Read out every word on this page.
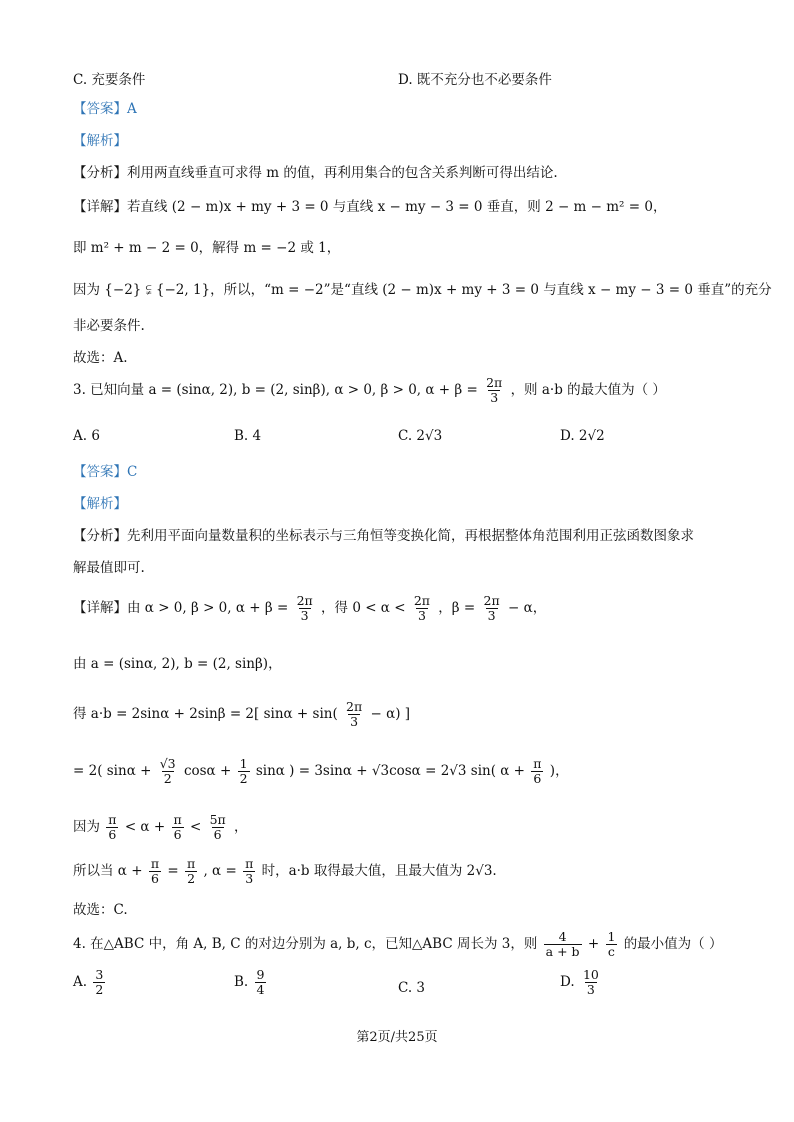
C. 充要条件	D. 既不充分也不必要条件
【答案】A
【解析】
【分析】利用两直线垂直可求得 m 的值，再利用集合的包含关系判断可得出结论.
【详解】若直线 (2 − m)x + my + 3 = 0 与直线 x − my − 3 = 0 垂直，则 2 − m − m² = 0，
即 m² + m − 2 = 0，解得 m = −2 或 1，
因为 {−2} ⫋ {−2, 1}，所以，“m = −2”是“直线 (2 − m)x + my + 3 = 0 与直线 x − my − 3 = 0 垂直”的充分
非必要条件.
故选：A.
3. 已知向量 a = (sinα, 2), b = (2, sinβ), α > 0, β > 0, $\alpha + \beta = \frac{2\pi}{3}$ ，则 a·b 的最大值为（ ）
A. 6	B. 4	C. 2√3	D. 2√2
【答案】C
【解析】
【分析】先利用平面向量数量积的坐标表示与三角恒等变换化简，再根据整体角范围利用正弦函数图象求
解最值即可.
【详解】由 α > 0, β > 0, $\alpha + \beta = \frac{2\pi}{3}$ ，得 $0 < \alpha < \frac{2\pi}{3}$ ，$\beta = \frac{2\pi}{3} - \alpha$，
由 a = (sinα, 2), b = (2, sinβ)，
得 a·b = 2sinα + 2sinβ = 2[ $\sin\alpha + \sin( \frac{2\pi}{3} - \alpha)$ ]
= 2( $\sin\alpha + \frac{√3}{2}$ $\cos\alpha + \frac{1}{2}$ sinα ) = 3sinα + √3cosα = 2√3 sin( $\alpha + \frac{\pi}{6}$ )，
因为 $\frac{\pi}{6} < \alpha + \frac{\pi}{6} < \frac{5\pi}{6}$ ，
所以当 $\alpha + \frac{\pi}{6} = \frac{\pi}{2}$ , $\alpha = \frac{\pi}{3}$ 时，a·b 取得最大值，且最大值为 2√3.
故选：C.
4. 在△ABC 中，角 A, B, C 的对边分别为 a, b, c，已知△ABC 周长为 3，则 $\frac{4}{a + b} + \frac{1}{c}$ 的最小值为（ ）
A. $\frac{3}{2}$	B. $\frac{9}{4}$	C. 3	D. $\frac{10}{3}$
第2页/共25页
